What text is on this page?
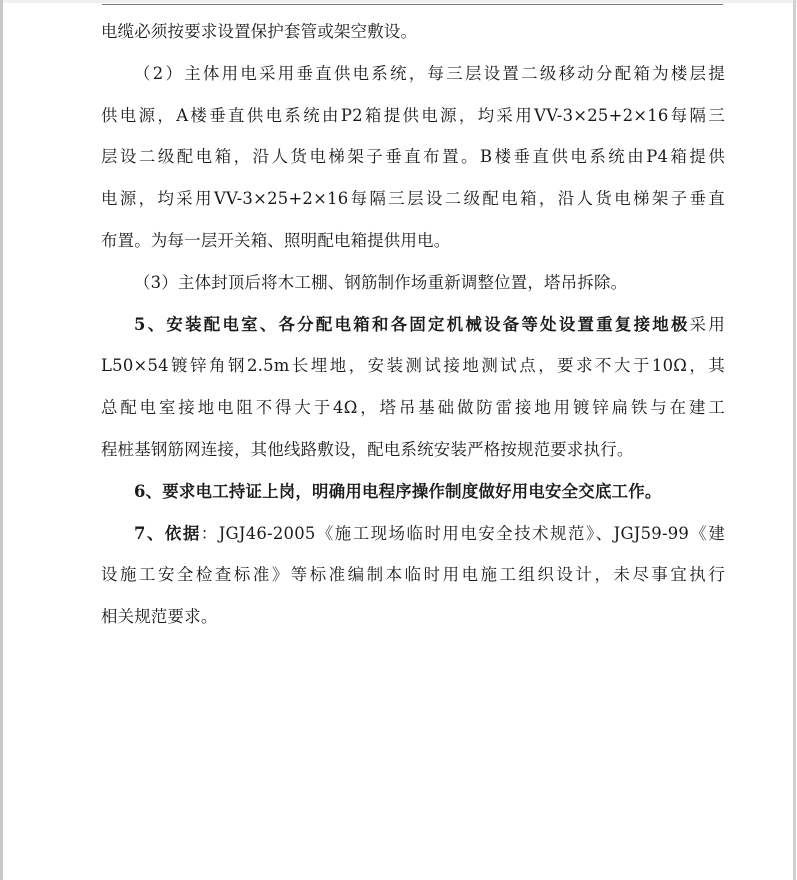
电缆必须按要求设置保护套管或架空敷设。
（2）主体用电采用垂直供电系统，每三层设置二级移动分配箱为楼层提
供电源，A楼垂直供电系统由P2箱提供电源，均采用VV-3×25+2×16每隔三
层设二级配电箱，沿人货电梯架子垂直布置。B楼垂直供电系统由P4箱提供
电源，均采用VV-3×25+2×16每隔三层设二级配电箱，沿人货电梯架子垂直
布置。为每一层开关箱、照明配电箱提供用电。
（3）主体封顶后将木工棚、钢筋制作场重新调整位置，塔吊拆除。
5、安装配电室、各分配电箱和各固定机械设备等处设置重复接地极采用
L50×54镀锌角钢2.5m长埋地，安装测试接地测试点，要求不大于10Ω，其
总配电室接地电阻不得大于4Ω，塔吊基础做防雷接地用镀锌扁铁与在建工
程桩基钢筋网连接，其他线路敷设，配电系统安装严格按规范要求执行。
6、要求电工持证上岗，明确用电程序操作制度做好用电安全交底工作。
7、依据：JGJ46-2005《施工现场临时用电安全技术规范》、JGJ59-99《建
设施工安全检查标准》等标准编制本临时用电施工组织设计，未尽事宜执行
相关规范要求。
